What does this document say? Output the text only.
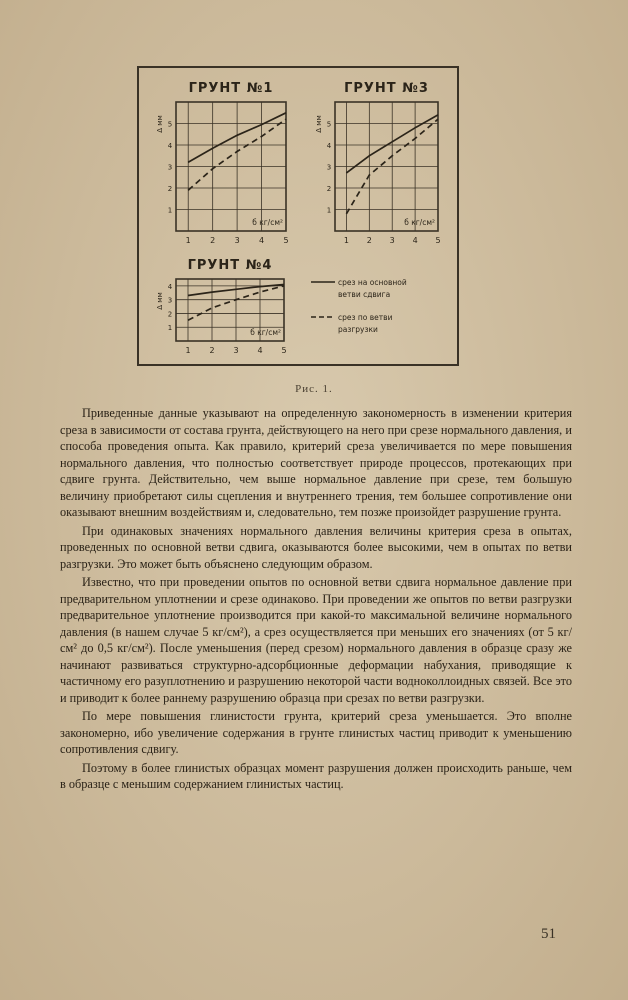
срез на основной
ветви сдвига
срез по ветви
разгрузки
1 2 3 4 5
1
2
3
4
5
ГРУНТ №1
б кг/см²
Δ мм
1 2 3 4 5
1
2
3
4
5
ГРУНТ №3
б кг/см²
Δ мм
1 2 3 4 5
1
2
3
4
ГРУНТ №4
б кг/см²
Δ мм
Рис. 1.

Приведенные данные указывают на определенную закономерность в изменении критерия среза в зависимости от состава грунта, действующего на него при срезе нормального давления, и способа проведения опыта. Как правило, критерий среза увеличивается по мере повышения нормального давления, что полностью соответствует природе процессов, протекающих при сдвиге грунта. Действительно, чем выше нормальное давление при срезе, тем большую величину приобретают силы сцепления и внутреннего трения, тем большее сопротивление они оказывают внешним воздействиям и, следовательно, тем позже произойдет разрушение грунта.

При одинаковых значениях нормального давления величины критерия среза в опытах, проведенных по основной ветви сдвига, оказываются более высокими, чем в опытах по ветви разгрузки. Это может быть объяснено следующим образом.

Известно, что при проведении опытов по основной ветви сдвига нормальное давление при предварительном уплотнении и срезе одинаково. При проведении же опытов по ветви разгрузки предварительное уплотнение производится при какой-то максимальной величине нормального давления (в нашем случае 5 кг/см²), а срез осуществляется при меньших его значениях (от 5 кг/см² до 0,5 кг/см²). После уменьшения (перед срезом) нормального давления в образце сразу же начинают развиваться структурно-адсорбционные деформации набухания, приводящие к частичному его разуплотнению и разрушению некоторой части водноколлоидных связей. Все это и приводит к более раннему разрушению образца при срезах по ветви разгрузки.

По мере повышения глинистости грунта, критерий среза уменьшается. Это вполне закономерно, ибо увеличение содержания в грунте глинистых частиц приводит к уменьшению сопротивления сдвигу.

Поэтому в более глинистых образцах момент разрушения должен происходить раньше, чем в образце с меньшим содержанием глинистых частиц.

51
